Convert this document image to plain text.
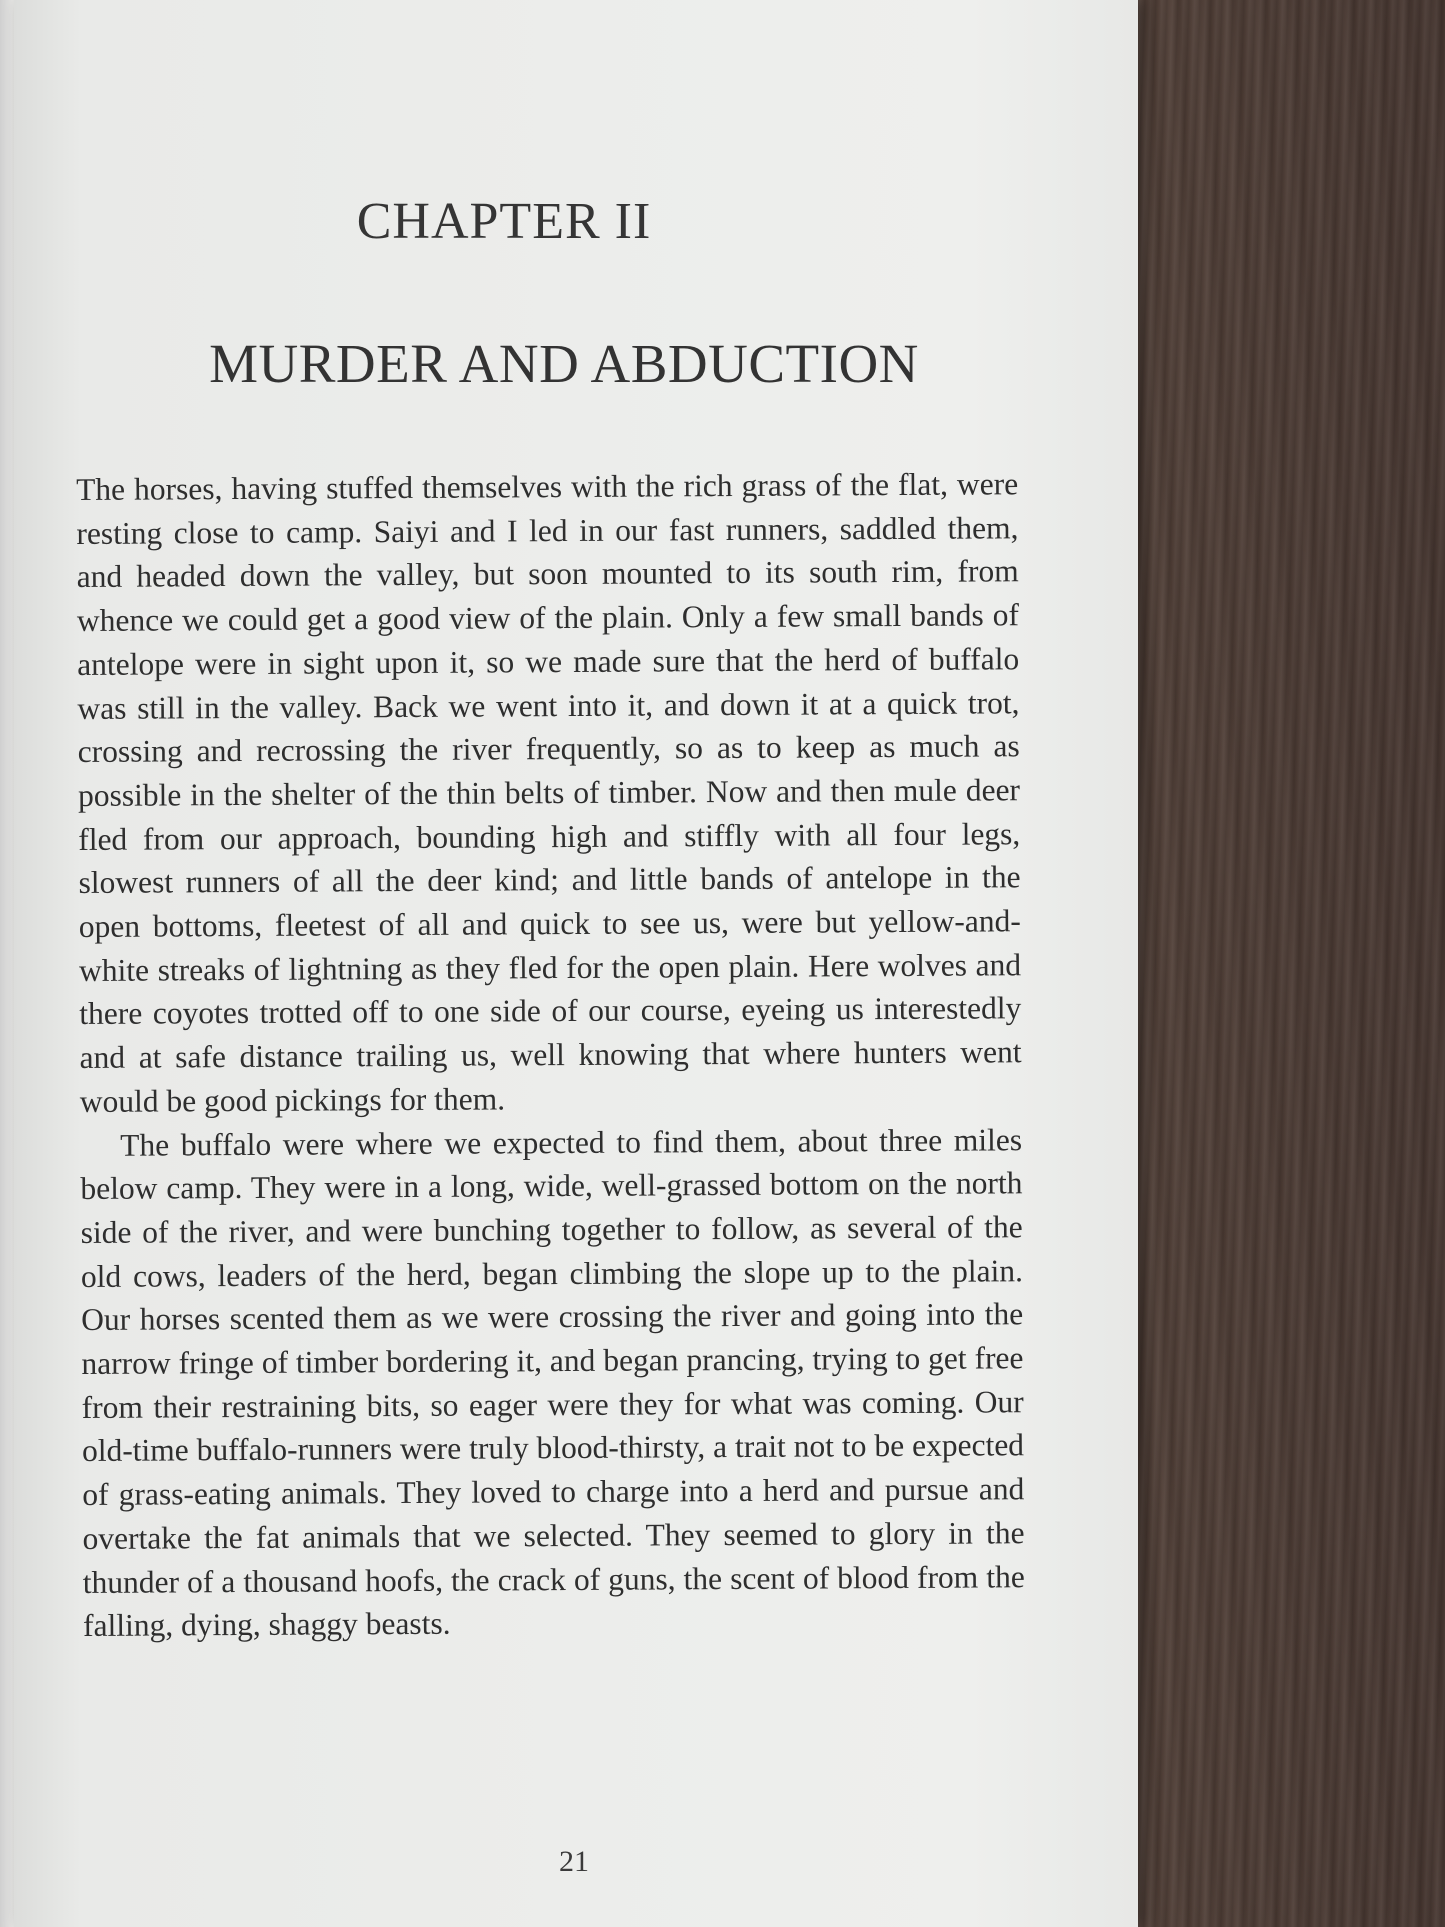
CHAPTER II
MURDER AND ABDUCTION

The horses, having stuffed themselves with the rich grass of the flat, were resting close to camp. Saiyi and I led in our fast runners, saddled them, and headed down the valley, but soon mounted to its south rim, from whence we could get a good view of the plain. Only a few small bands of antelope were in sight upon it, so we made sure that the herd of buffalo was still in the valley. Back we went into it, and down it at a quick trot, crossing and recrossing the river frequently, so as to keep as much as possible in the shelter of the thin belts of timber. Now and then mule deer fled from our approach, bounding high and stiffly with all four legs, slowest runners of all the deer kind; and little bands of antelope in the open bottoms, fleetest of all and quick to see us, were but yellow-and-white streaks of lightning as they fled for the open plain. Here wolves and there coyotes trotted off to one side of our course, eyeing us interestedly and at safe distance trailing us, well knowing that where hunters went would be good pickings for them.

The buffalo were where we expected to find them, about three miles below camp. They were in a long, wide, well-grassed bottom on the north side of the river, and were bunching together to follow, as several of the old cows, leaders of the herd, began climbing the slope up to the plain. Our horses scented them as we were crossing the river and going into the narrow fringe of timber bordering it, and began prancing, trying to get free from their restraining bits, so eager were they for what was coming. Our old-time buffalo-runners were truly blood-thirsty, a trait not to be expected of grass-eating animals. They loved to charge into a herd and pursue and overtake the fat animals that we selected. They seemed to glory in the thunder of a thousand hoofs, the crack of guns, the scent of blood from the falling, dying, shaggy beasts.

21
